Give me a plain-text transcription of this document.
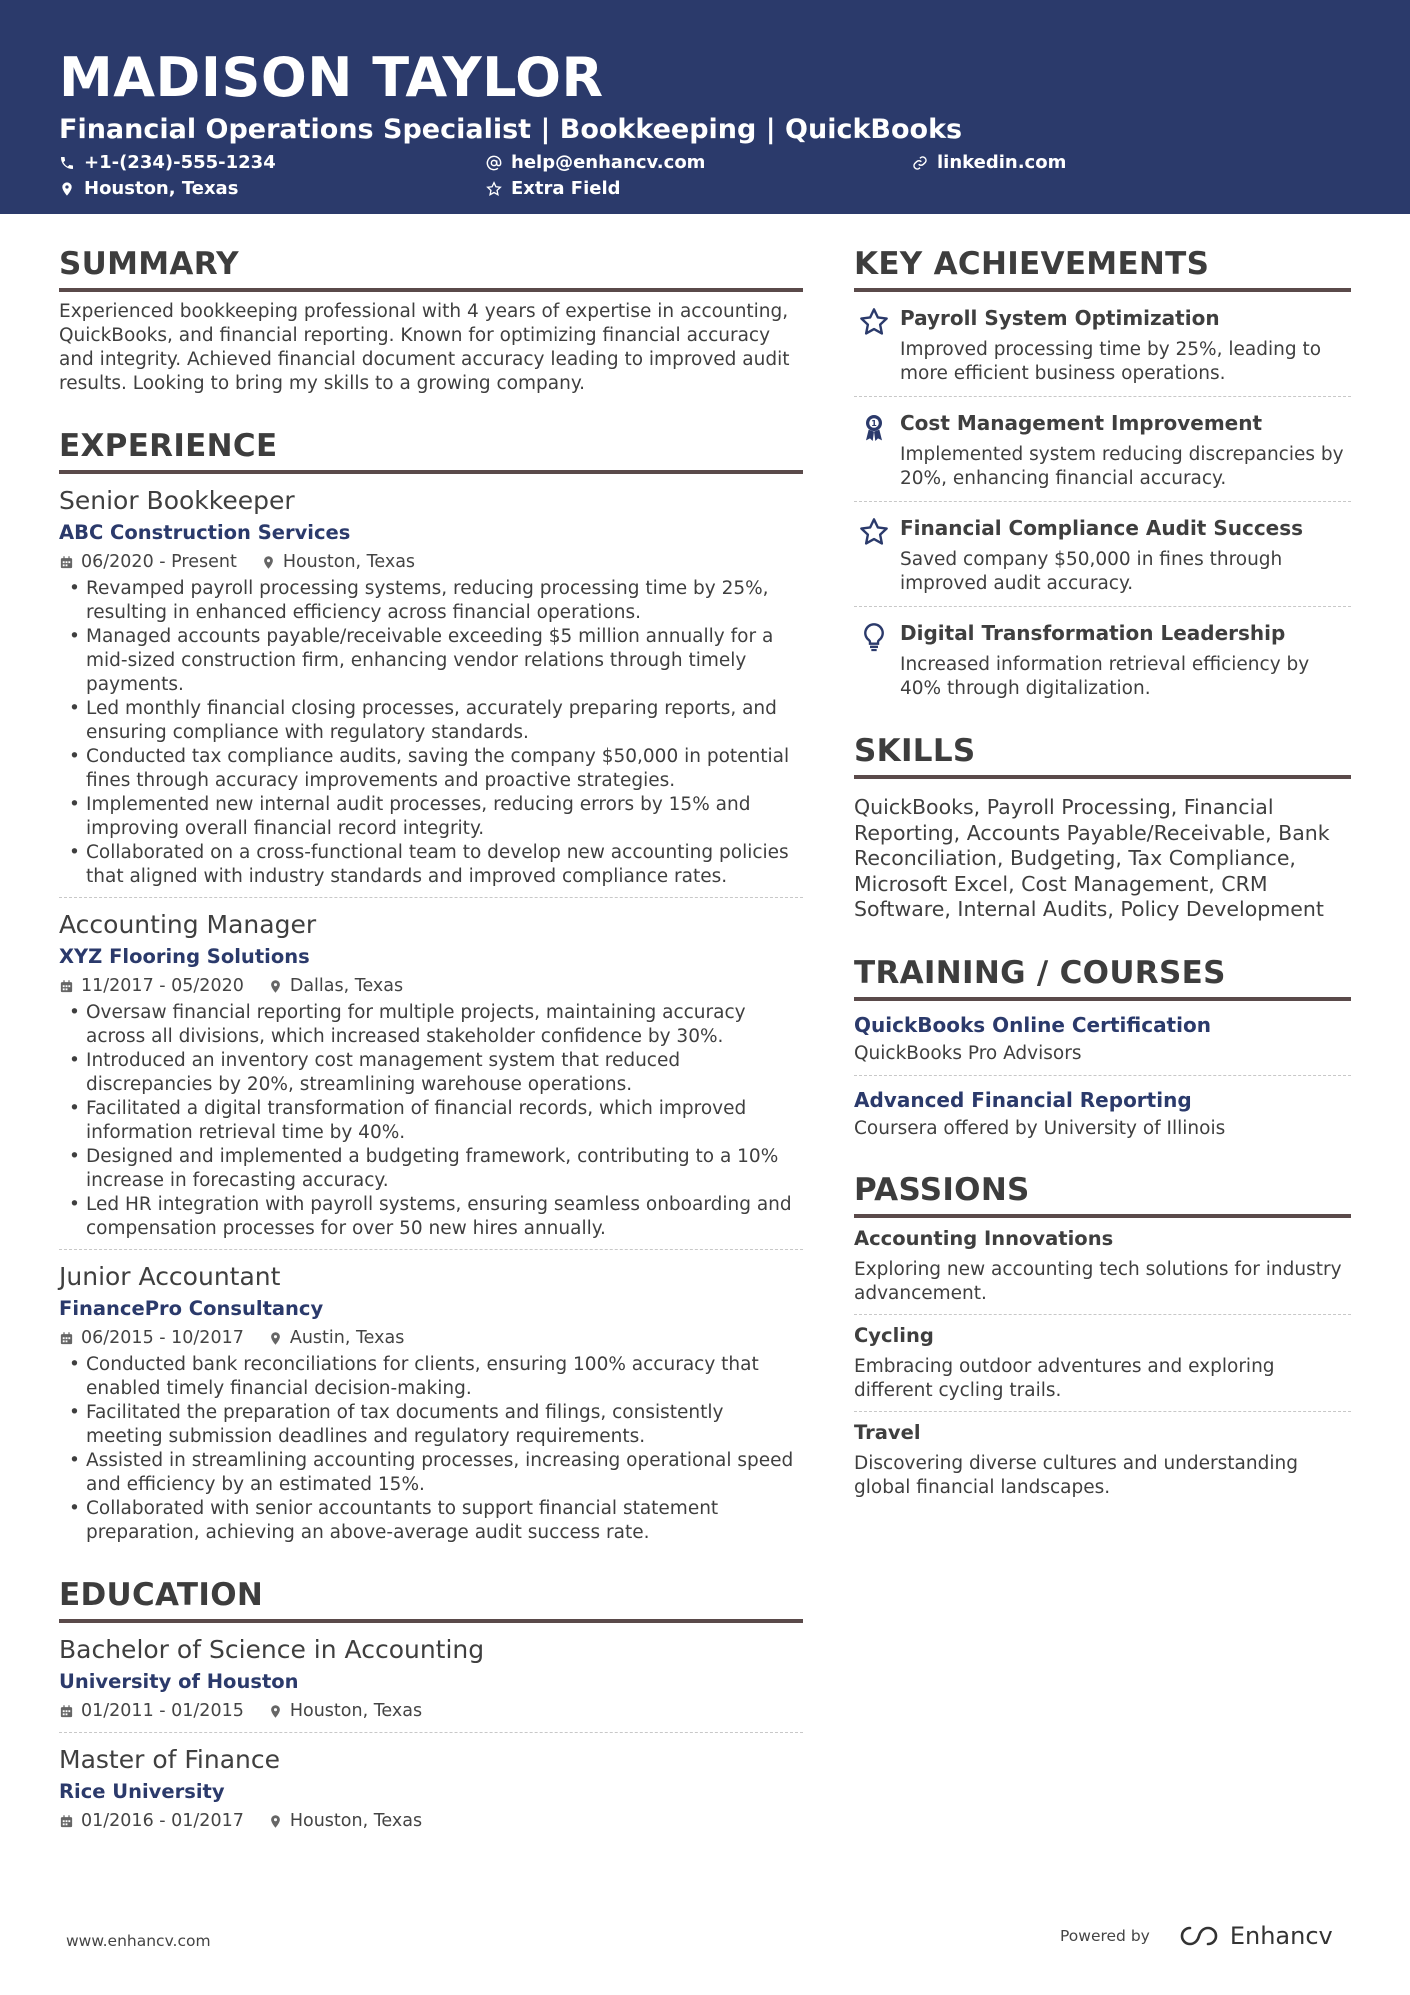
MADISON TAYLOR
Financial Operations Specialist | Bookkeeping | QuickBooks
+1-(234)-555-1234	help@enhancv.com	linkedin.com
Houston, Texas	Extra Field
SUMMARY

Experienced bookkeeping professional with 4 years of expertise in accounting, QuickBooks, and financial reporting. Known for optimizing financial accuracy and integrity. Achieved financial document accuracy leading to improved audit results. Looking to bring my skills to a growing company.

EXPERIENCE
Senior Bookkeeper
ABC Construction Services
06/2020 - Present	Houston, Texas
• Revamped payroll processing systems, reducing processing time by 25%, resulting in enhanced efficiency across financial operations.
• Managed accounts payable/receivable exceeding $5 million annually for a mid-sized construction firm, enhancing vendor relations through timely payments.
• Led monthly financial closing processes, accurately preparing reports, and ensuring compliance with regulatory standards.
• Conducted tax compliance audits, saving the company $50,000 in potential fines through accuracy improvements and proactive strategies.
• Implemented new internal audit processes, reducing errors by 15% and improving overall financial record integrity.
• Collaborated on a cross-functional team to develop new accounting policies that aligned with industry standards and improved compliance rates.
Accounting Manager
XYZ Flooring Solutions
11/2017 - 05/2020	Dallas, Texas
• Oversaw financial reporting for multiple projects, maintaining accuracy across all divisions, which increased stakeholder confidence by 30%.
• Introduced an inventory cost management system that reduced discrepancies by 20%, streamlining warehouse operations.
• Facilitated a digital transformation of financial records, which improved information retrieval time by 40%.
• Designed and implemented a budgeting framework, contributing to a 10% increase in forecasting accuracy.
• Led HR integration with payroll systems, ensuring seamless onboarding and compensation processes for over 50 new hires annually.
Junior Accountant
FinancePro Consultancy
06/2015 - 10/2017	Austin, Texas
• Conducted bank reconciliations for clients, ensuring 100% accuracy that enabled timely financial decision-making.
• Facilitated the preparation of tax documents and filings, consistently meeting submission deadlines and regulatory requirements.
• Assisted in streamlining accounting processes, increasing operational speed and efficiency by an estimated 15%.
• Collaborated with senior accountants to support financial statement preparation, achieving an above-average audit success rate.
EDUCATION
Bachelor of Science in Accounting
University of Houston
01/2011 - 01/2015	Houston, Texas
Master of Finance
Rice University
01/2016 - 01/2017	Houston, Texas
KEY ACHIEVEMENTS
Payroll System Optimization
Improved processing time by 25%, leading to more efficient business operations.
1 Cost Management Improvement
Implemented system reducing discrepancies by 20%, enhancing financial accuracy.
Financial Compliance Audit Success
Saved company $50,000 in fines through improved audit accuracy.
Digital Transformation Leadership
Increased information retrieval efficiency by 40% through digitalization.
SKILLS

QuickBooks, Payroll Processing, Financial Reporting, Accounts Payable/Receivable, Bank Reconciliation, Budgeting, Tax Compliance, Microsoft Excel, Cost Management, CRM Software, Internal Audits, Policy Development

TRAINING / COURSES
QuickBooks Online Certification
QuickBooks Pro Advisors
Advanced Financial Reporting
Coursera offered by University of Illinois
PASSIONS
Accounting Innovations
Exploring new accounting tech solutions for industry advancement.
Cycling
Embracing outdoor adventures and exploring different cycling trails.
Travel
Discovering diverse cultures and understanding global financial landscapes.
www.enhancv.com	Powered by	Enhancv
